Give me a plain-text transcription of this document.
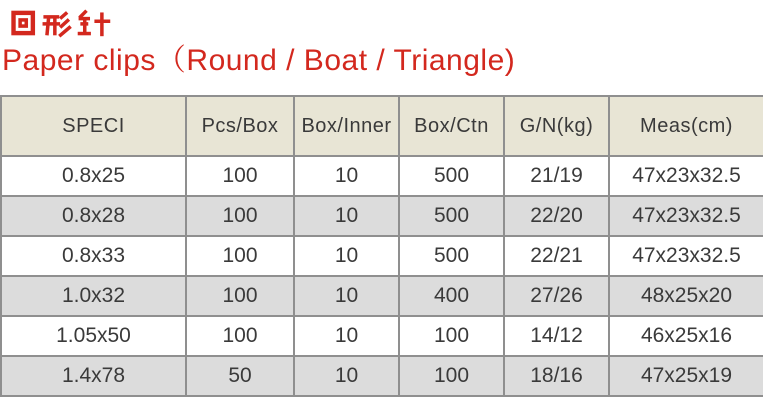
Paper clips（Round / Boat / Triangle)
SPECI	Pcs/Box	Box/Inner	Box/Ctn	G/N(kg)	Meas(cm)
0.8x25	100	10	500	21/19	47x23x32.5
0.8x28	100	10	500	22/20	47x23x32.5
0.8x33	100	10	500	22/21	47x23x32.5
1.0x32	100	10	400	27/26	48x25x20
1.05x50	100	10	100	14/12	46x25x16
1.4x78	50	10	100	18/16	47x25x19
